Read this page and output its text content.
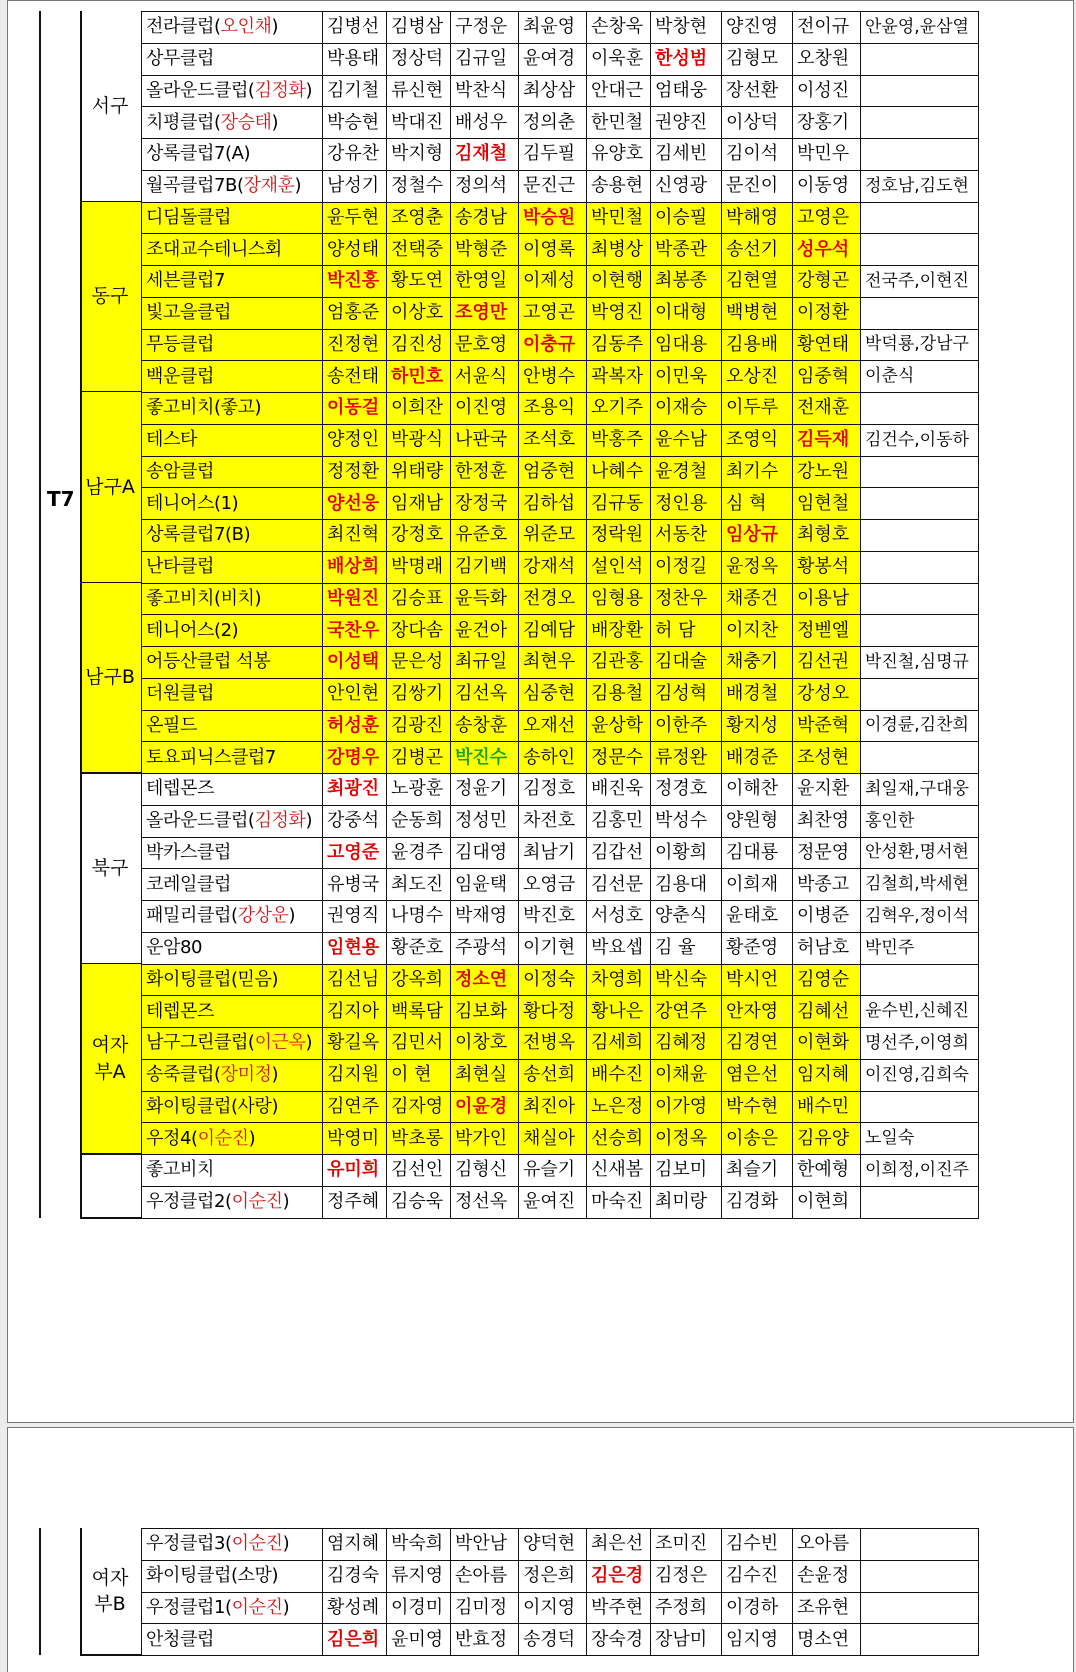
T7
서구
전라클럽(오인채)	김병선	김병삼	구정운	최윤영	손창욱	박창현	양진영	전이규	안윤영,윤삼열
상무클럽	박용태	정상덕	김규일	윤여경	이욱훈	한성범	김형모	오창원	
올라운드클럽(김정화)	김기철	류신현	박찬식	최상삼	안대근	엄태웅	장선환	이성진	
치평클럽(장승태)	박승현	박대진	배성우	정의춘	한민철	권양진	이상덕	장홍기	
상록클럽7(A)	강유찬	박지형	김재철	김두필	유양호	김세빈	김이석	박민우	
월곡클럽7B(장재훈)	남성기	정철수	정의석	문진근	송용현	신영광	문진이	이동영	정호남,김도현
동구
디딤돌클럽	윤두현	조영춘	송경남	박승원	박민철	이승필	박해영	고영은	
조대교수테니스회	양성태	전택중	박형준	이영록	최병상	박종관	송선기	성우석	
세븐클럽7	박진홍	황도연	한영일	이제성	이현행	최봉종	김현열	강형곤	전국주,이현진
빛고을클럽	엄홍준	이상호	조영만	고영곤	박영진	이대형	백병현	이정환	
무등클럽	진정현	김진성	문호영	이충규	김동주	임대용	김용배	황연태	박덕룡,강남구
백운클럽	송전태	하민호	서윤식	안병수	곽복자	이민욱	오상진	임중혁	이춘식
남구A
좋고비치(좋고)	이동걸	이희잔	이진영	조용익	오기주	이재승	이두루	전재훈	
테스타	양정인	박광식	나판국	조석호	박홍주	윤수남	조영익	김득재	김건수,이동하
송암클럽	정정환	위태량	한정훈	엄중현	나혜수	윤경철	최기수	강노원	
테니어스(1)	양선웅	임재남	장정국	김하섭	김규동	정인용	심 혁	임현철	
상록클럽7(B)	최진혁	강정호	유준호	위준모	정락원	서동찬	임상규	최형호	
난타클럽	배상희	박명래	김기백	강재석	설인석	이정길	윤정옥	황봉석	
남구B
좋고비치(비치)	박원진	김승표	윤득화	전경오	임형용	정찬우	채종건	이용남	
테니어스(2)	국찬우	장다솜	윤건아	김예담	배장환	허 담	이지찬	정벧엘	
어등산클럽 석봉	이성택	문은성	최규일	최현우	김관홍	김대술	채충기	김선권	박진철,심명규
더원클럽	안인현	김쌍기	김선옥	심중현	김용철	김성혁	배경철	강성오	
온필드	허성훈	김광진	송창훈	오재선	윤상학	이한주	황지성	박준혁	이경륜,김찬희
토요피닉스클럽7	강명우	김병곤	박진수	송하인	정문수	류정완	배경준	조성현	
북구
테렙몬즈	최광진	노광훈	정윤기	김정호	배진욱	정경호	이해찬	윤지환	최일재,구대웅
올라운드클럽(김정화)	강중석	순동희	정성민	차전호	김홍민	박성수	양원형	최찬영	홍인한
박카스클럽	고영준	윤경주	김대영	최남기	김갑선	이황희	김대룡	정문영	안성환,명서현
코레일클럽	유병국	최도진	임윤택	오영금	김선문	김용대	이희재	박종고	김철희,박세현
패밀리클럽(강상운)	권영직	나명수	박재영	박진호	서성호	양춘식	윤태호	이병준	김혁우,정이석
운암80	임현용	황준호	주광석	이기현	박요셉	김 율	황준영	허남호	박민주
여자
부A
화이팅클럽(믿음)	김선님	강옥희	정소연	이정숙	차영희	박신숙	박시언	김영순	
테렙몬즈	김지아	백록담	김보화	황다정	황나은	강연주	안자영	김혜선	윤수빈,신혜진
남구그린클럽(이근옥)	황길옥	김민서	이창호	전병옥	김세희	김혜정	김경연	이현화	명선주,이영희
송죽클럽(장미정)	김지원	이 현	최현실	송선희	배수진	이채윤	염은선	임지혜	이진영,김희숙
화이팅클럽(사랑)	김연주	김자영	이윤경	최진아	노은정	이가영	박수현	배수민	
우정4(이순진)	박영미	박초롱	박가인	채실아	선승희	이정옥	이송은	김유양	노일숙
좋고비치	유미희	김선인	김형신	유슬기	신새봄	김보미	최슬기	한예형	이희정,이진주
우정클럽2(이순진)	정주혜	김승욱	정선옥	윤여진	마숙진	최미랑	김경화	이현희	
여자
부B
우정클럽3(이순진)	염지혜	박숙희	박안남	양덕현	최은선	조미진	김수빈	오아름	
화이팅클럽(소망)	김경숙	류지영	손아름	정은희	김은경	김정은	김수진	손윤정	
우정클럽1(이순진)	황성례	이경미	김미정	이지영	박주현	주정희	이경하	조유현	
안청클럽	김은희	윤미영	반효정	송경덕	장숙경	장남미	임지영	명소연	
